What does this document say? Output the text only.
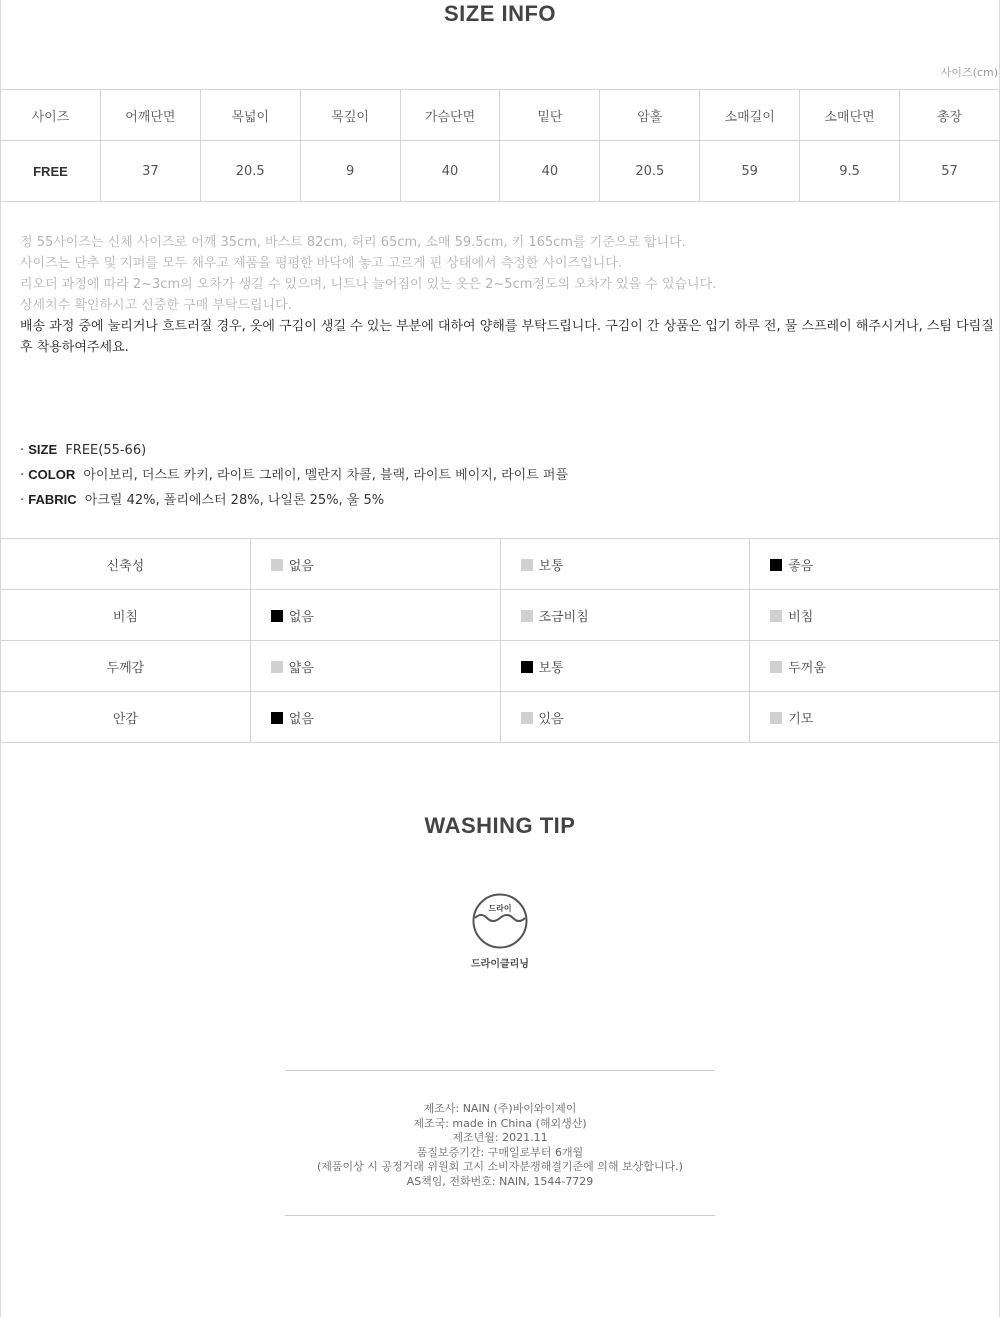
SIZE INFO
사이즈(cm)
사이즈	어깨단면	목넓이	목깊이	가슴단면	밑단	암홀	소매길이	소매단면	총장
FREE	37	20.5	9	40	40	20.5	59	9.5	57
정 55사이즈는 신체 사이즈로 어깨 35cm, 바스트 82cm, 허리 65cm, 소매 59.5cm, 키 165cm를 기준으로 합니다.
사이즈는 단추 및 지퍼를 모두 채우고 제품을 평평한 바닥에 놓고 고르게 핀 상태에서 측정한 사이즈입니다.
리오더 과정에 따라 2~3cm의 오차가 생길 수 있으며, 니트나 늘어짐이 있는 옷은 2~5cm정도의 오차가 있을 수 있습니다.
상세치수 확인하시고 신중한 구매 부탁드립니다.
배송 과정 중에 눌리거나 흐트러질 경우, 옷에 구김이 생길 수 있는 부분에 대하여 양해를 부탁드립니다. 구김이 간 상품은 입기 하루 전, 물 스프레이 해주시거나, 스팀 다림질 후 착용하여주세요.
· SIZE FREE(55-66)
· COLOR 아이보리, 더스트 카키, 라이트 그레이, 멜란지 차콜, 블랙, 라이트 베이지, 라이트 퍼플
· FABRIC 아크릴 42%, 폴리에스터 28%, 나일론 25%, 울 5%
신축성	없음	보통	좋음
비침	없음	조금비침	비침
두께감	얇음	보통	두꺼움
안감	없음	있음	기모
WASHING TIP
드라이
드라이클리닝
제조사: NAIN (주)바이와이제이
제조국: made in China (해외생산)
제조년월: 2021.11
품질보증기간: 구매일로부터 6개월
(제품이상 시 공정거래 위원회 고시 소비자분쟁해결기준에 의해 보상합니다.)
AS책임, 전화번호: NAIN, 1544-7729
